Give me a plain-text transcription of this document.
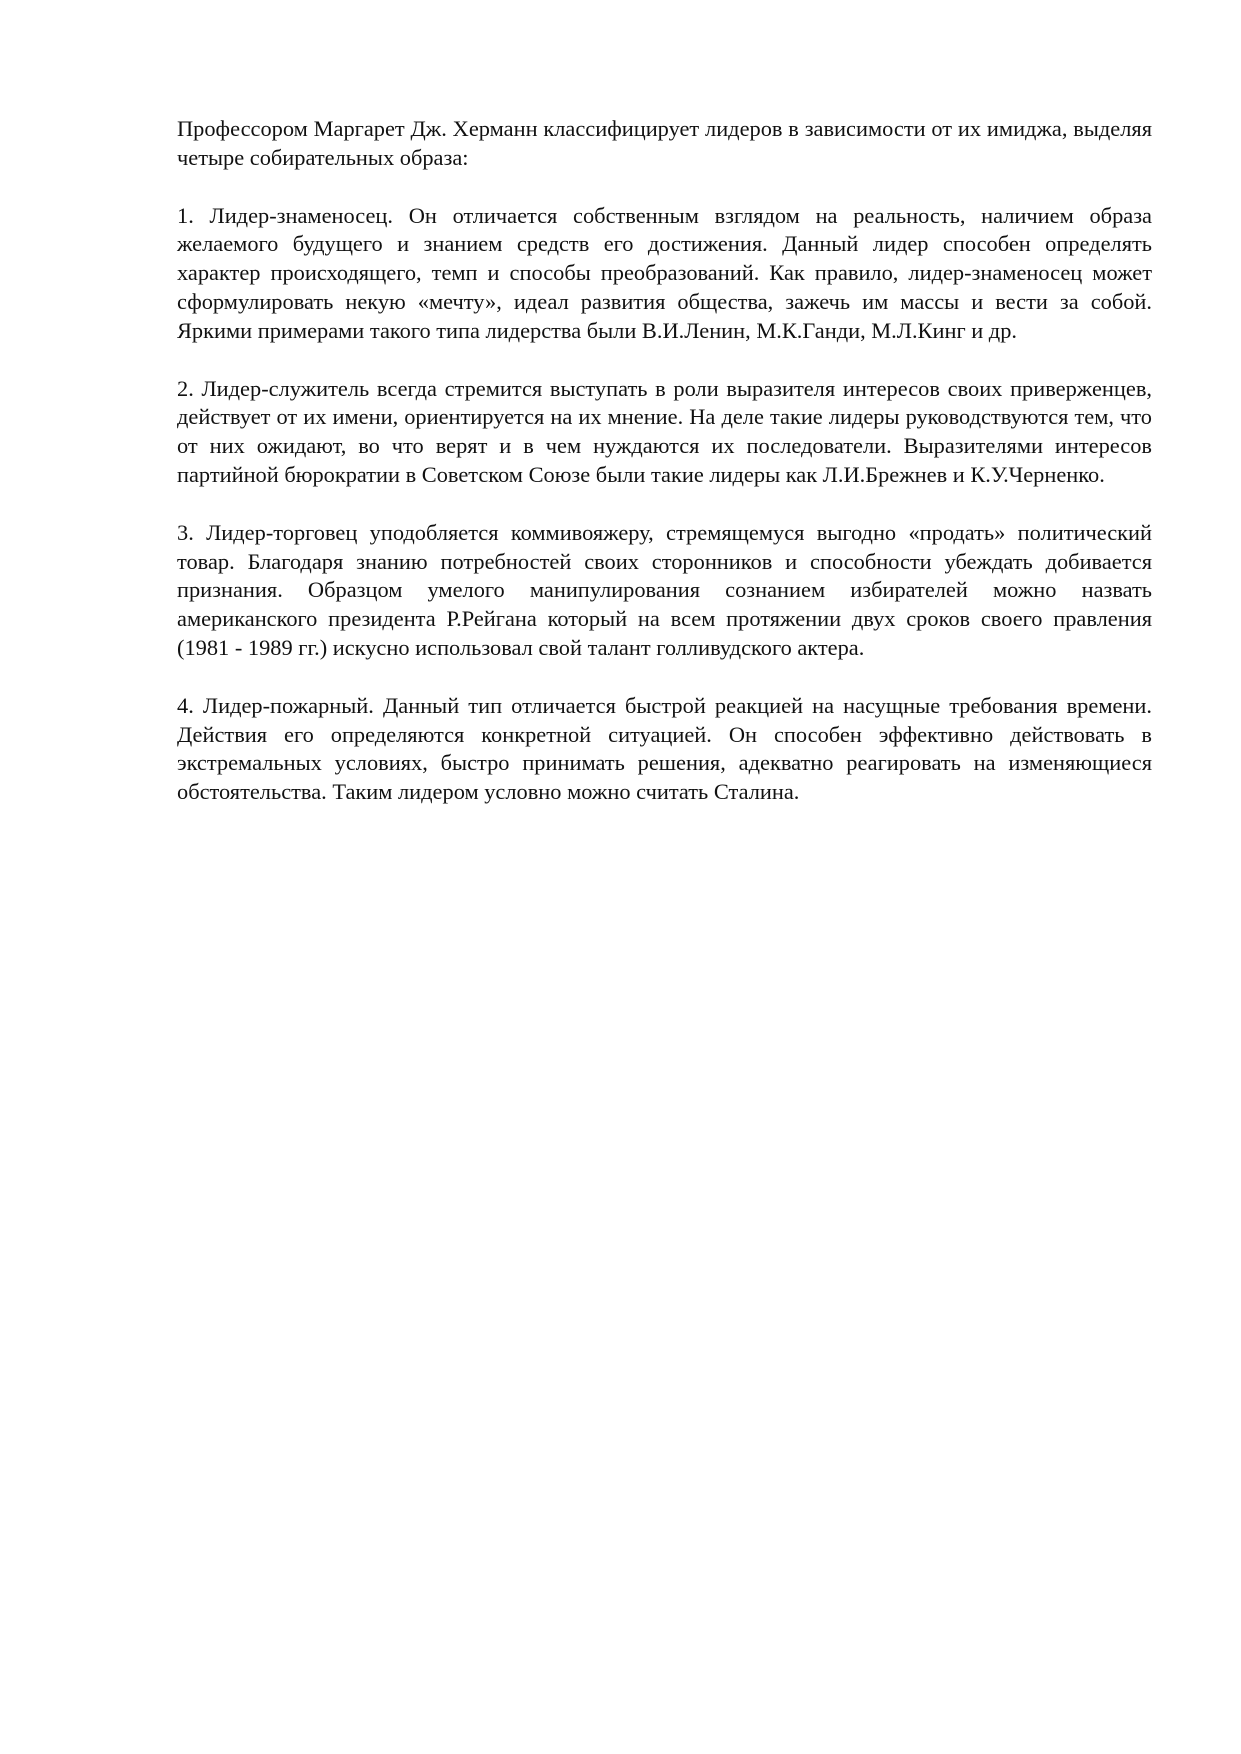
Профессором Маргарет Дж. Херманн классифицирует лидеров в зависимости от их имиджа, выделяя четыре собирательных образа:

1. Лидер-знаменосец. Он отличается собственным взглядом на реальность, наличием образа желаемого будущего и знанием средств его достижения. Данный лидер способен определять характер происходящего, темп и способы преобразований. Как правило, лидер-знаменосец может сформулировать некую «мечту», идеал развития общества, зажечь им массы и вести за собой. Яркими примерами такого типа лидерства были В.И.Ленин, М.К.Ганди, М.Л.Кинг и др.

2. Лидер-служитель всегда стремится выступать в роли выразителя интересов своих приверженцев, действует от их имени, ориентируется на их мнение. На деле такие лидеры руководствуются тем, что от них ожидают, во что верят и в чем нуждаются их последователи. Выразителями интересов партийной бюрократии в Советском Союзе были такие лидеры как Л.И.Брежнев и К.У.Черненко.

3. Лидер-торговец уподобляется коммивояжеру, стремящемуся выгодно «продать» политический товар. Благодаря знанию потребностей своих сторонников и способности убеждать добивается признания. Образцом умелого манипулирования сознанием избирателей можно назвать американского президента Р.Рейгана который на всем протяжении двух сроков своего правления (1981 - 1989 гг.) искусно использовал свой талант голливудского актера.

4. Лидер-пожарный. Данный тип отличается быстрой реакцией на насущные требования времени. Действия его определяются конкретной ситуацией. Он способен эффективно действовать в экстремальных условиях, быстро принимать решения, адекватно реагировать на изменяющиеся обстоятельства. Таким лидером условно можно считать Сталина.
